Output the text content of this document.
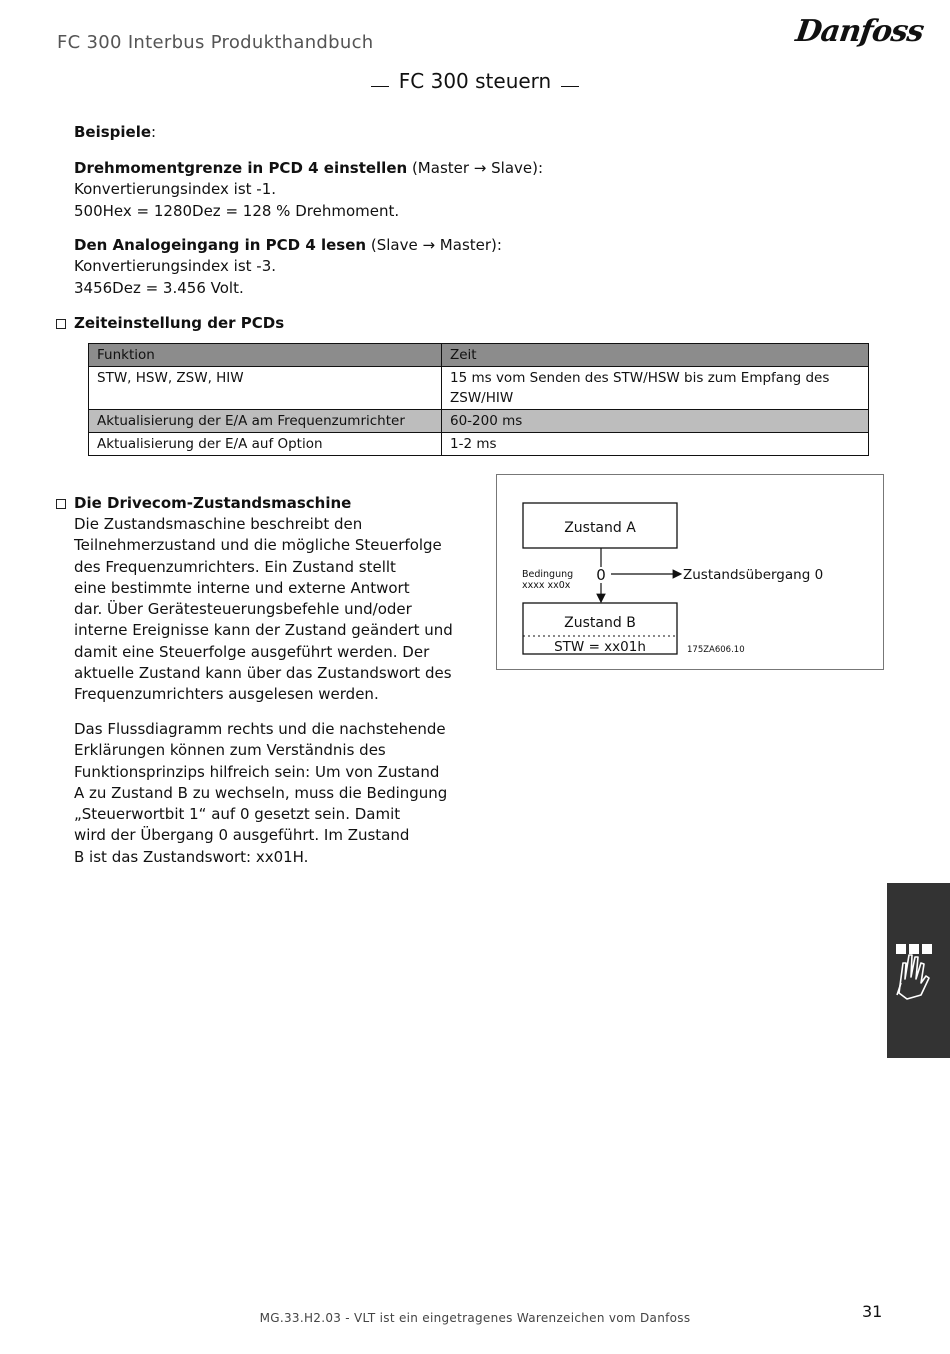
FC 300 Interbus Produkthandbuch	Danfoss
FC 300 steuern
Beispiele:
Drehmomentgrenze in PCD 4 einstellen (Master → Slave):
Konvertierungsindex ist -1.
500Hex = 1280Dez = 128 % Drehmoment.
Den Analogeingang in PCD 4 lesen (Slave → Master):
Konvertierungsindex ist -3.
3456Dez = 3.456 Volt.
Zeiteinstellung der PCDs
Funktion	Zeit
STW, HSW, ZSW, HIW	15 ms vom Senden des STW/HSW bis zum Empfang des ZSW/HIW
Aktualisierung der E/A am Frequenzumrichter	60-200 ms
Aktualisierung der E/A auf Option	1-2 ms
Die Drivecom-Zustandsmaschine
Die Zustandsmaschine beschreibt den
Teilnehmerzustand und die mögliche Steuerfolge
des Frequenzumrichters. Ein Zustand stellt
eine bestimmte interne und externe Antwort
dar. Über Gerätesteuerungsbefehle und/oder
interne Ereignisse kann der Zustand geändert und
damit eine Steuerfolge ausgeführt werden. Der
aktuelle Zustand kann über das Zustandswort des
Frequenzumrichters ausgelesen werden.
Das Flussdiagramm rechts und die nachstehende
Erklärungen können zum Verständnis des
Funktionsprinzips hilfreich sein: Um von Zustand
A zu Zustand B zu wechseln, muss die Bedingung
„Steuerwortbit 1“ auf 0 gesetzt sein. Damit
wird der Übergang 0 ausgeführt. Im Zustand
B ist das Zustandswort: xx01H.
Zustand A
0	Zustandsübergang 0
Bedingung
xxxx xx0x
Zustand B
STW = xx01h	175ZA606.10
31
MG.33.H2.03 - VLT ist ein eingetragenes Warenzeichen vom Danfoss
